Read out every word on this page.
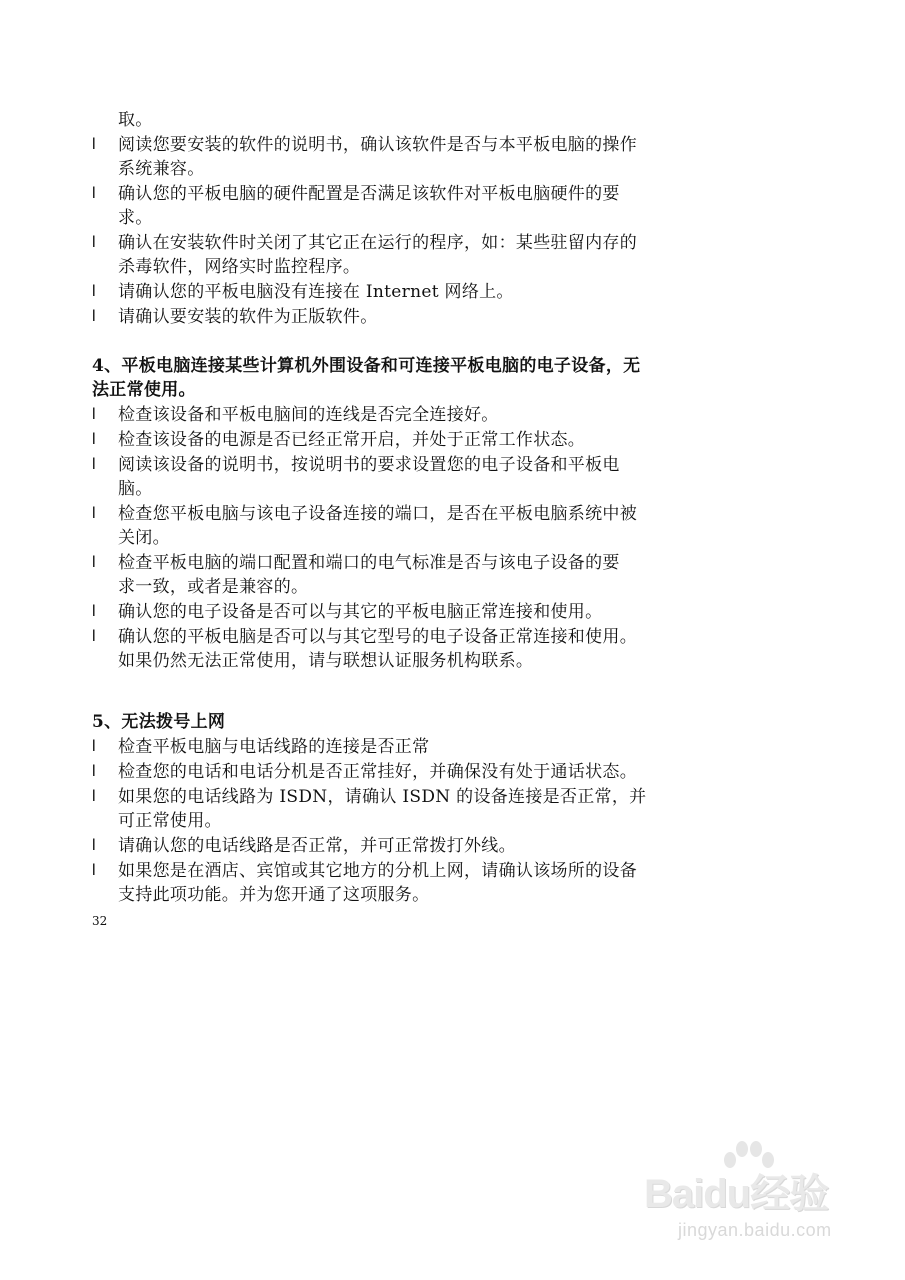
取。
l 阅读您要安装的软件的说明书，确认该软件是否与本平板电脑的操作
系统兼容。
l 确认您的平板电脑的硬件配置是否满足该软件对平板电脑硬件的要
求。
l 确认在安装软件时关闭了其它正在运行的程序，如：某些驻留内存的
杀毒软件，网络实时监控程序。
l 请确认您的平板电脑没有连接在 Internet 网络上。
l 请确认要安装的软件为正版软件。
4、平板电脑连接某些计算机外围设备和可连接平板电脑的电子设备，无
法正常使用。
l 检查该设备和平板电脑间的连线是否完全连接好。
l 检查该设备的电源是否已经正常开启，并处于正常工作状态。
l 阅读该设备的说明书，按说明书的要求设置您的电子设备和平板电
脑。
l 检查您平板电脑与该电子设备连接的端口，是否在平板电脑系统中被
关闭。
l 检查平板电脑的端口配置和端口的电气标准是否与该电子设备的要
求一致，或者是兼容的。
l 确认您的电子设备是否可以与其它的平板电脑正常连接和使用。
l 确认您的平板电脑是否可以与其它型号的电子设备正常连接和使用。
如果仍然无法正常使用，请与联想认证服务机构联系。
5、无法拨号上网
l 检查平板电脑与电话线路的连接是否正常
l 检查您的电话和电话分机是否正常挂好，并确保没有处于通话状态。
l 如果您的电话线路为 ISDN，请确认 ISDN 的设备连接是否正常，并
可正常使用。
l 请确认您的电话线路是否正常，并可正常拨打外线。
l 如果您是在酒店、宾馆或其它地方的分机上网，请确认该场所的设备
支持此项功能。并为您开通了这项服务。
32
Baidu经验
jingyan.baidu.com
